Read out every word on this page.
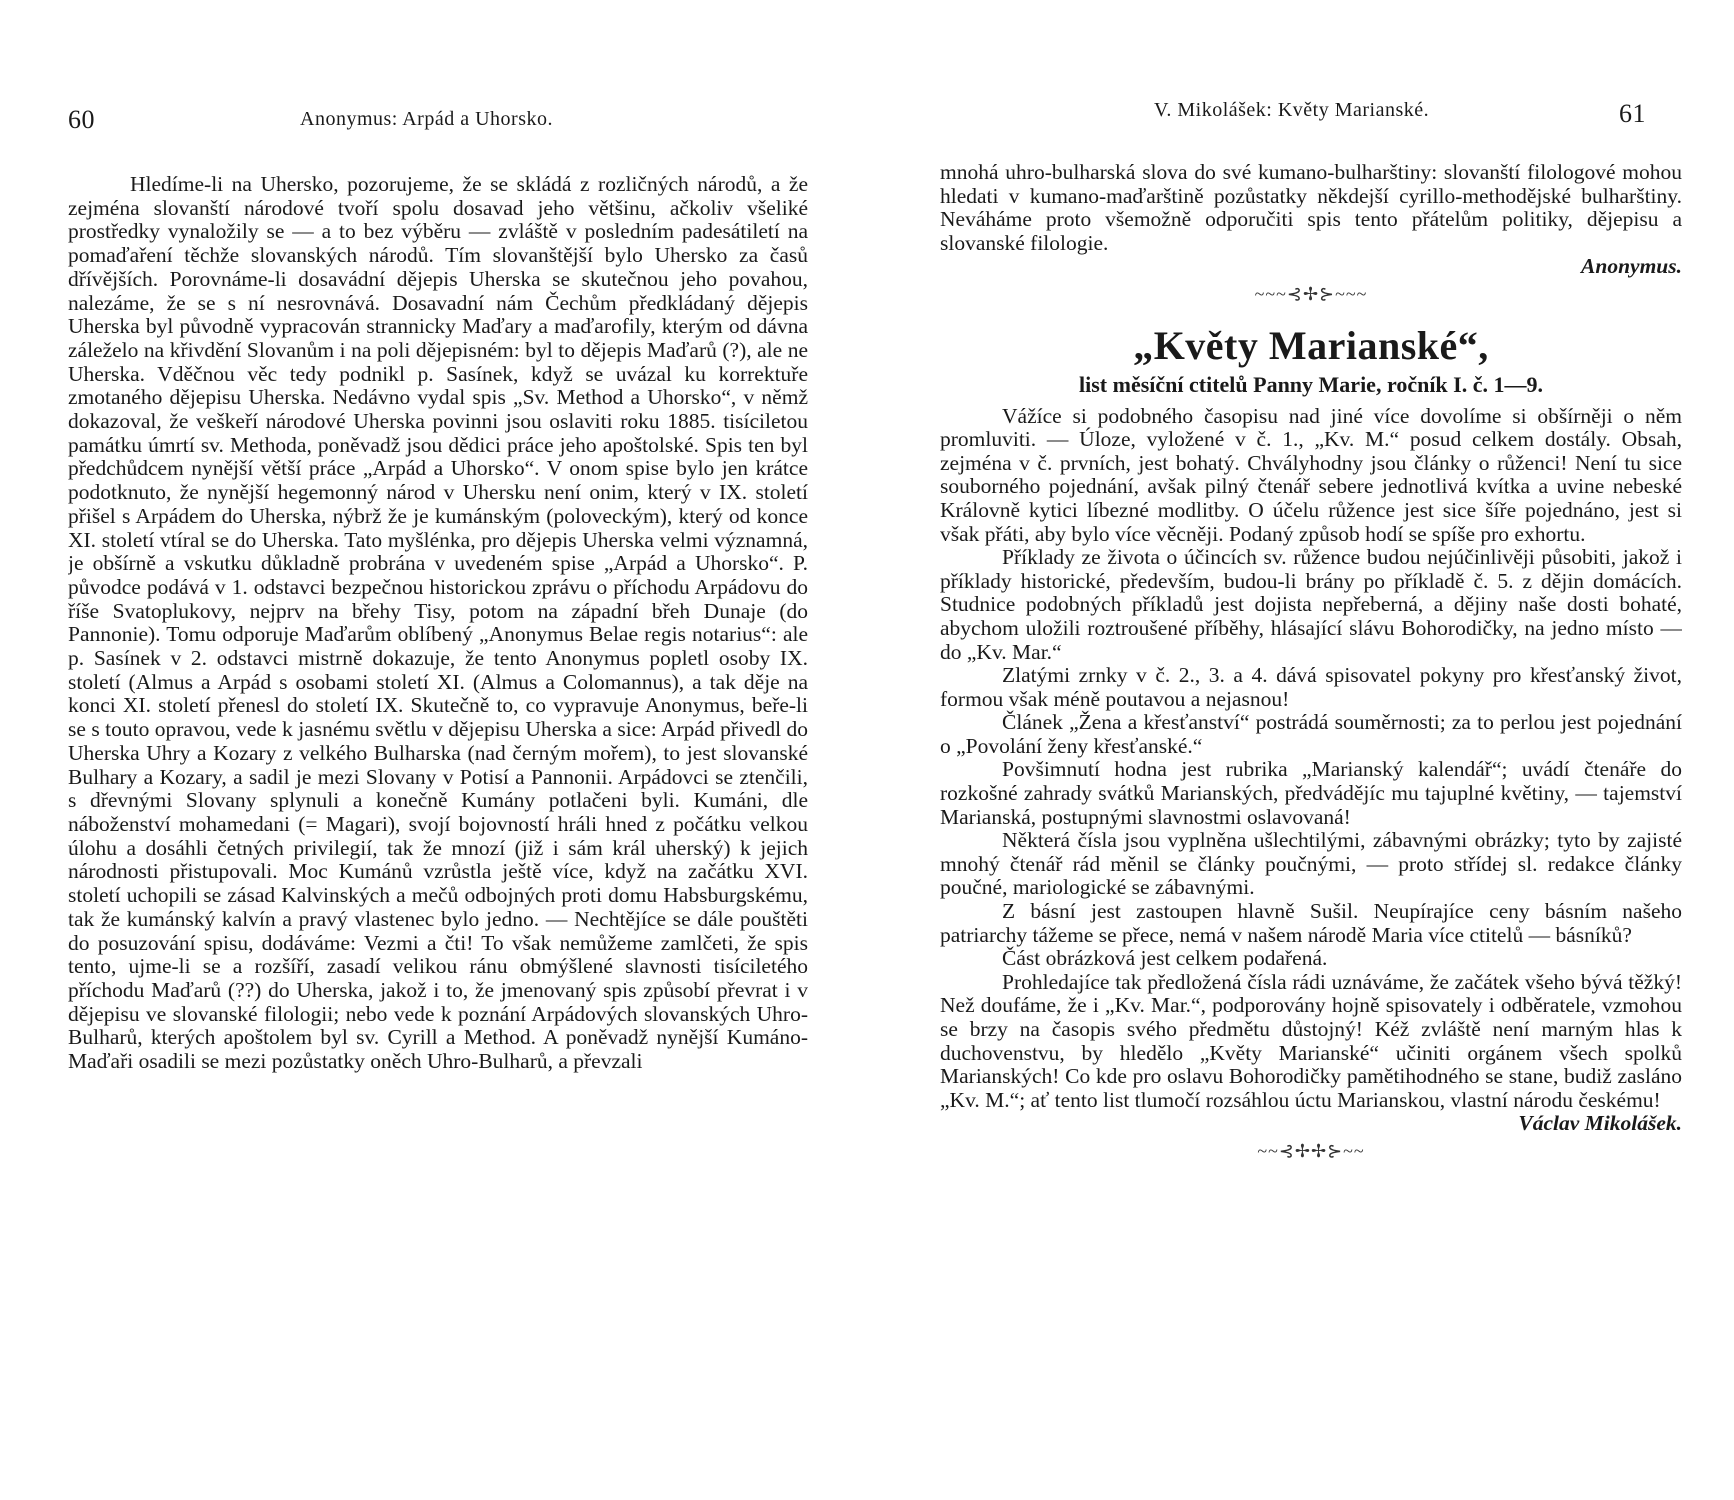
60	Anonymus: Arpád a Uhorsko.

Hledíme-li na Uhersko, pozorujeme, že se skládá z rozličných národů, a že zejména slovanští národové tvoří spolu dosavad jeho většinu, ačkoliv všeliké prostředky vynaložily se — a to bez výběru — zvláště v posledním padesátiletí na pomaďaření těchže slovanských národů. Tím slovanštější bylo Uhersko za časů dřívějších. Porovnáme-li dosavádní dějepis Uherska se skutečnou jeho povahou, nalezáme, že se s ní nesrovnává. Dosavadní nám Čechům předkládaný dějepis Uherska byl původně vypracován strannicky Maďary a maďarofily, kterým od dávna záleželo na křivdění Slovanům i na poli dějepisném: byl to dějepis Maďarů (?), ale ne Uherska. Vděčnou věc tedy podnikl p. Sasínek, když se uvázal ku korrektuře zmotaného dějepisu Uherska. Nedávno vydal spis „Sv. Method a Uhorsko“, v němž dokazoval, že veškeří národové Uherska povinni jsou oslaviti roku 1885. tisíciletou památku úmrtí sv. Methoda, poněvadž jsou dědici práce jeho apoštolské. Spis ten byl předchůdcem nynější větší práce „Arpád a Uhorsko“. V onom spise bylo jen krátce podotknuto, že nynější hegemonný národ v Uhersku není onim, který v IX. století přišel s Arpádem do Uherska, nýbrž že je kumánským (poloveckým), který od konce XI. století vtíral se do Uherska. Tato myšlénka, pro dějepis Uherska velmi významná, je obšírně a vskutku důkladně probrána v uvedeném spise „Arpád a Uhorsko“. P. původce podává v 1. odstavci bezpečnou historickou zprávu o příchodu Arpádovu do říše Svatoplukovy, nejprv na břehy Tisy, potom na západní břeh Dunaje (do Pannonie). Tomu odporuje Maďarům oblíbený „Anonymus Belae regis notarius“: ale p. Sasínek v 2. odstavci mistrně dokazuje, že tento Anonymus popletl osoby IX. století (Almus a Arpád s osobami století XI. (Almus a Colomannus), a tak děje na konci XI. století přenesl do století IX. Skutečně to, co vypravuje Anonymus, beře-li se s touto opravou, vede k jasnému světlu v dějepisu Uherska a sice: Arpád přivedl do Uherska Uhry a Kozary z velkého Bulharska (nad černým mořem), to jest slovanské Bulhary a Kozary, a sadil je mezi Slovany v Potisí a Pannonii. Arpádovci se ztenčili, s dřevnými Slovany splynuli a konečně Kumány potlačeni byli. Kumáni, dle náboženství mohamedani (= Magari), svojí bojovností hráli hned z počátku velkou úlohu a dosáhli četných privilegií, tak že mnozí (již i sám král uherský) k jejich národnosti přistupovali. Moc Kumánů vzrůstla ještě více, když na začátku XVI. století uchopili se zásad Kalvinských a mečů odbojných proti domu Habsburgskému, tak že kumánský kalvín a pravý vlastenec bylo jedno. — Nechtějíce se dále pouštěti do posuzování spisu, dodáváme: Vezmi a čti! To však nemůžeme zamlčeti, že spis tento, ujme-li se a rozšíří, zasadí velikou ránu obmýšlené slavnosti tisíciletého příchodu Maďarů (??) do Uherska, jakož i to, že jmenovaný spis způsobí převrat i v dějepisu ve slovanské filologii; nebo vede k poznání Arpádových slovanských Uhro-Bulharů, kterých apoštolem byl sv. Cyrill a Method. A poněvadž nynější Kumáno-Maďaři osadili se mezi pozůstatky oněch Uhro-Bulharů, a převzali

V. Mikolášek: Květy Marianské.	61

mnohá uhro-bulharská slova do své kumano-bulharštiny: slovanští filologové mohou hledati v kumano-maďarštině pozůstatky někdejší cyrillo-methodějské bulharštiny. Neváháme proto všemožně odporučiti spis tento přátelům politiky, dějepisu a slovanské filologie.

Anonymus.

~~~⊰✢⊱~~~
„Květy Marianské“,
list měsíční ctitelů Panny Marie, ročník I. č. 1—9.

Vážíce si podobného časopisu nad jiné více dovolíme si obšírněji o něm promluviti. — Úloze, vyložené v č. 1., „Kv. M.“ posud celkem dostály. Obsah, zejména v č. prvních, jest bohatý. Chvályhodny jsou články o růženci! Není tu sice souborného pojednání, avšak pilný čtenář sebere jednotlivá kvítka a uvine nebeské Královně kytici líbezné modlitby. O účelu růžence jest sice šíře pojednáno, jest si však přáti, aby bylo více věcněji. Podaný způsob hodí se spíše pro exhortu.

Příklady ze života o účincích sv. růžence budou nejúčinlivěji působiti, jakož i příklady historické, především, budou-li brány po příkladě č. 5. z dějin domácích. Studnice podobných příkladů jest dojista nepřeberná, a dějiny naše dosti bohaté, abychom uložili roztroušené příběhy, hlásající slávu Bohorodičky, na jedno místo — do „Kv. Mar.“

Zlatými zrnky v č. 2., 3. a 4. dává spisovatel pokyny pro křesťanský život, formou však méně poutavou a nejasnou!

Článek „Žena a křesťanství“ postrádá souměrnosti; za to perlou jest pojednání o „Povolání ženy křesťanské.“

Povšimnutí hodna jest rubrika „Marianský kalendář“; uvádí čtenáře do rozkošné zahrady svátků Marianských, předvádějíc mu tajuplné květiny, — tajemství Marianská, postupnými slavnostmi oslavovaná!

Některá čísla jsou vyplněna ušlechtilými, zábavnými obrázky; tyto by zajisté mnohý čtenář rád měnil se články poučnými, — proto střídej sl. redakce články poučné, mariologické se zábavnými.

Z básní jest zastoupen hlavně Sušil. Neupírajíce ceny básním našeho patriarchy tážeme se přece, nemá v našem národě Maria více ctitelů — básníků?

Část obrázková jest celkem podařená.

Prohledajíce tak předložená čísla rádi uznáváme, že začátek všeho bývá těžký! Než doufáme, že i „Kv. Mar.“, podporovány hojně spisovately i odběratele, vzmohou se brzy na časopis svého předmětu důstojný! Kéž zvláště není marným hlas k duchovenstvu, by hledělo „Květy Marianské“ učiniti orgánem všech spolků Marianských! Co kde pro oslavu Bohorodičky pamětihodného se stane, budiž zasláno „Kv. M.“; ať tento list tlumočí rozsáhlou úctu Marianskou, vlastní národu českému!

Václav Mikolášek.

~~⊰✢✢⊱~~
